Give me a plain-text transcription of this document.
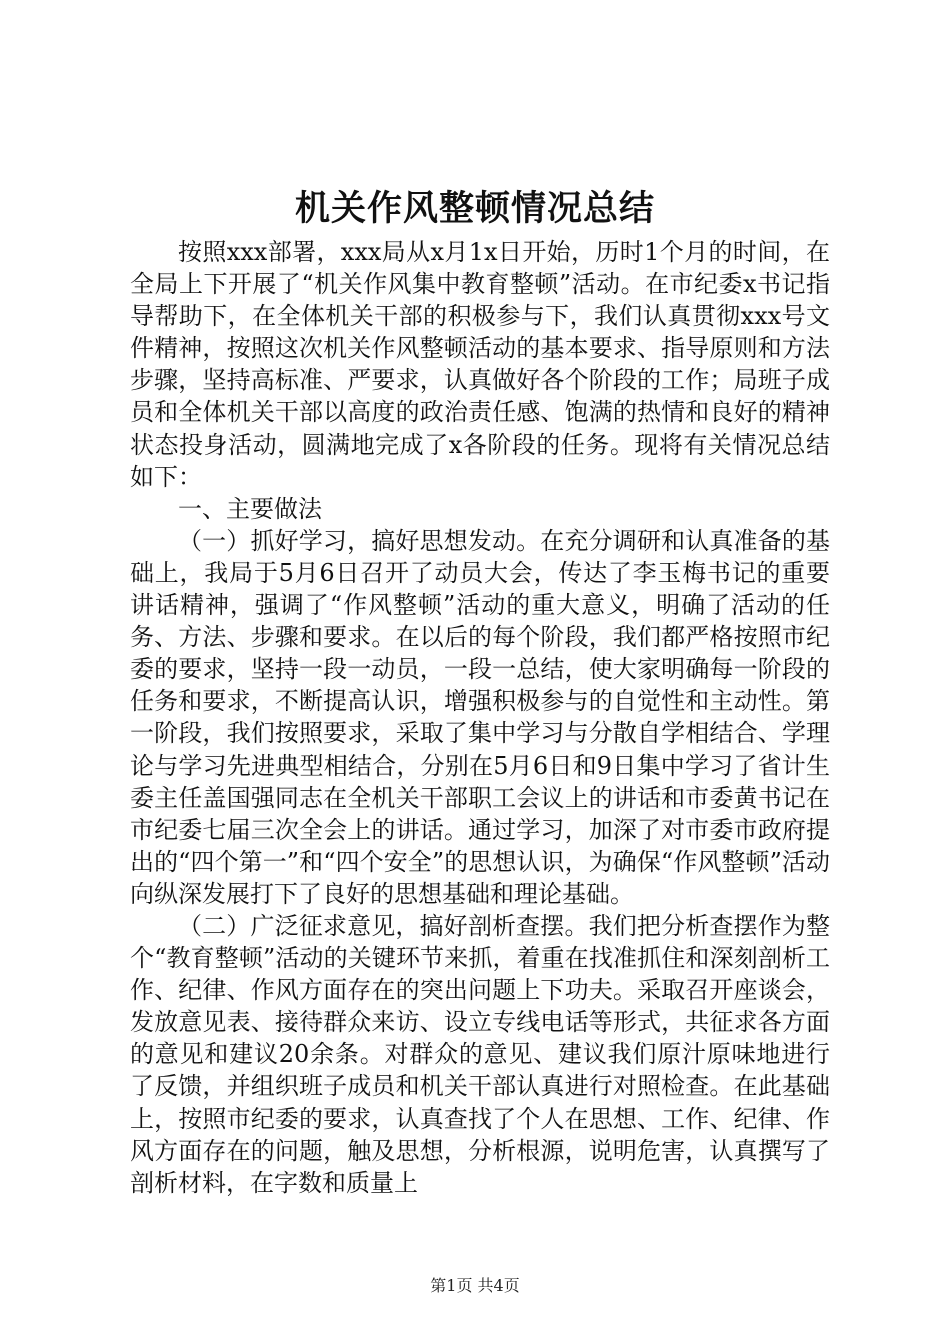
机关作风整顿情况总结

按照xxx部署，xxx局从x月1x日开始，历时1个月的时间，在全局上下开展了“机关作风集中教育整顿”活动。在市纪委x书记指导帮助下，在全体机关干部的积极参与下，我们认真贯彻xxx号文件精神，按照这次机关作风整顿活动的基本要求、指导原则和方法步骤，坚持高标准、严要求，认真做好各个阶段的工作；局班子成员和全体机关干部以高度的政治责任感、饱满的热情和良好的精神状态投身活动，圆满地完成了x各阶段的任务。现将有关情况总结如下：

一、主要做法

（一）抓好学习，搞好思想发动。在充分调研和认真准备的基础上，我局于5月6日召开了动员大会，传达了李玉梅书记的重要讲话精神，强调了“作风整顿”活动的重大意义，明确了活动的任务、方法、步骤和要求。在以后的每个阶段，我们都严格按照市纪委的要求，坚持一段一动员，一段一总结，使大家明确每一阶段的任务和要求，不断提高认识，增强积极参与的自觉性和主动性。第一阶段，我们按照要求，采取了集中学习与分散自学相结合、学理论与学习先进典型相结合，分别在5月6日和9日集中学习了省计生委主任盖国强同志在全机关干部职工会议上的讲话和市委黄书记在市纪委七届三次全会上的讲话。通过学习，加深了对市委市政府提出的“四个第一”和“四个安全”的思想认识，为确保“作风整顿”活动向纵深发展打下了良好的思想基础和理论基础。

（二）广泛征求意见，搞好剖析查摆。我们把分析查摆作为整个“教育整顿”活动的关键环节来抓，着重在找准抓住和深刻剖析工作、纪律、作风方面存在的突出问题上下功夫。采取召开座谈会，发放意见表、接待群众来访、设立专线电话等形式，共征求各方面的意见和建议20余条。对群众的意见、建议我们原汁原味地进行了反馈，并组织班子成员和机关干部认真进行对照检查。在此基础上，按照市纪委的要求，认真查找了个人在思想、工作、纪律、作风方面存在的问题，触及思想，分析根源，说明危害，认真撰写了剖析材料，在字数和质量上

第1页 共4页
